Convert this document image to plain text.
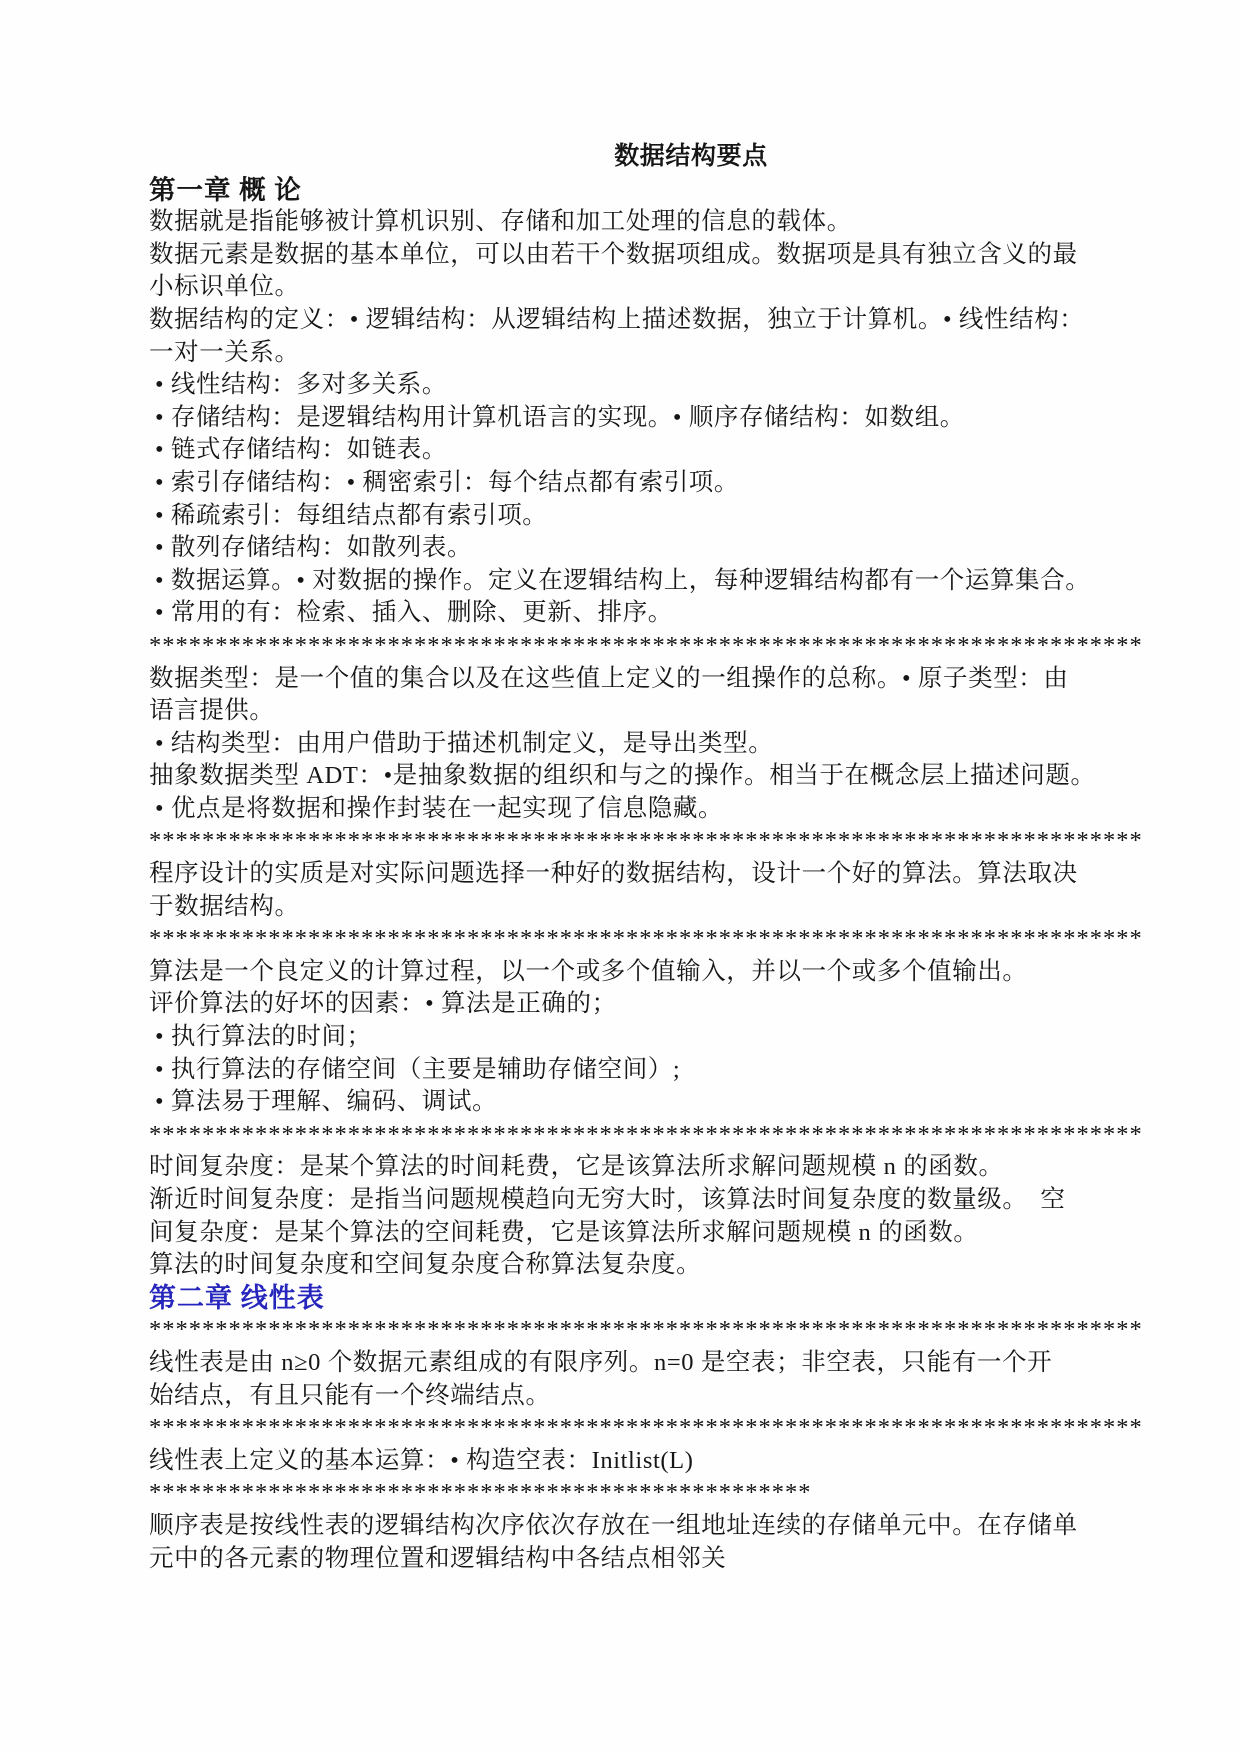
数据结构要点
第一章 概 论
数据就是指能够被计算机识别、存储和加工处理的信息的载体。
数据元素是数据的基本单位，可以由若干个数据项组成。数据项是具有独立含义的最
小标识单位。
数据结构的定义：• 逻辑结构：从逻辑结构上描述数据，独立于计算机。• 线性结构：
一对一关系。
• 线性结构：多对多关系。
• 存储结构：是逻辑结构用计算机语言的实现。• 顺序存储结构：如数组。
• 链式存储结构：如链表。
• 索引存储结构：• 稠密索引：每个结点都有索引项。
• 稀疏索引：每组结点都有索引项。
• 散列存储结构：如散列表。
• 数据运算。• 对数据的操作。定义在逻辑结构上，每种逻辑结构都有一个运算集合。
• 常用的有：检索、插入、删除、更新、排序。
***************************************************************************
数据类型：是一个值的集合以及在这些值上定义的一组操作的总称。• 原子类型：由
语言提供。
• 结构类型：由用户借助于描述机制定义，是导出类型。
抽象数据类型 ADT：•是抽象数据的组织和与之的操作。相当于在概念层上描述问题。
• 优点是将数据和操作封装在一起实现了信息隐藏。
***************************************************************************
程序设计的实质是对实际问题选择一种好的数据结构，设计一个好的算法。算法取决
于数据结构。
***************************************************************************
算法是一个良定义的计算过程，以一个或多个值输入，并以一个或多个值输出。
评价算法的好坏的因素：• 算法是正确的；
• 执行算法的时间；
• 执行算法的存储空间（主要是辅助存储空间）;
• 算法易于理解、编码、调试。
***************************************************************************
时间复杂度：是某个算法的时间耗费，它是该算法所求解问题规模 n 的函数。
渐近时间复杂度：是指当问题规模趋向无穷大时，该算法时间复杂度的数量级。　空
间复杂度：是某个算法的空间耗费，它是该算法所求解问题规模 n 的函数。
算法的时间复杂度和空间复杂度合称算法复杂度。
第二章 线性表
***************************************************************************
线性表是由 n≥0 个数据元素组成的有限序列。n=0 是空表；非空表，只能有一个开
始结点，有且只能有一个终端结点。
***************************************************************************
线性表上定义的基本运算：• 构造空表：Initlist(L)
**************************************************
顺序表是按线性表的逻辑结构次序依次存放在一组地址连续的存储单元中。在存储单
元中的各元素的物理位置和逻辑结构中各结点相邻关
